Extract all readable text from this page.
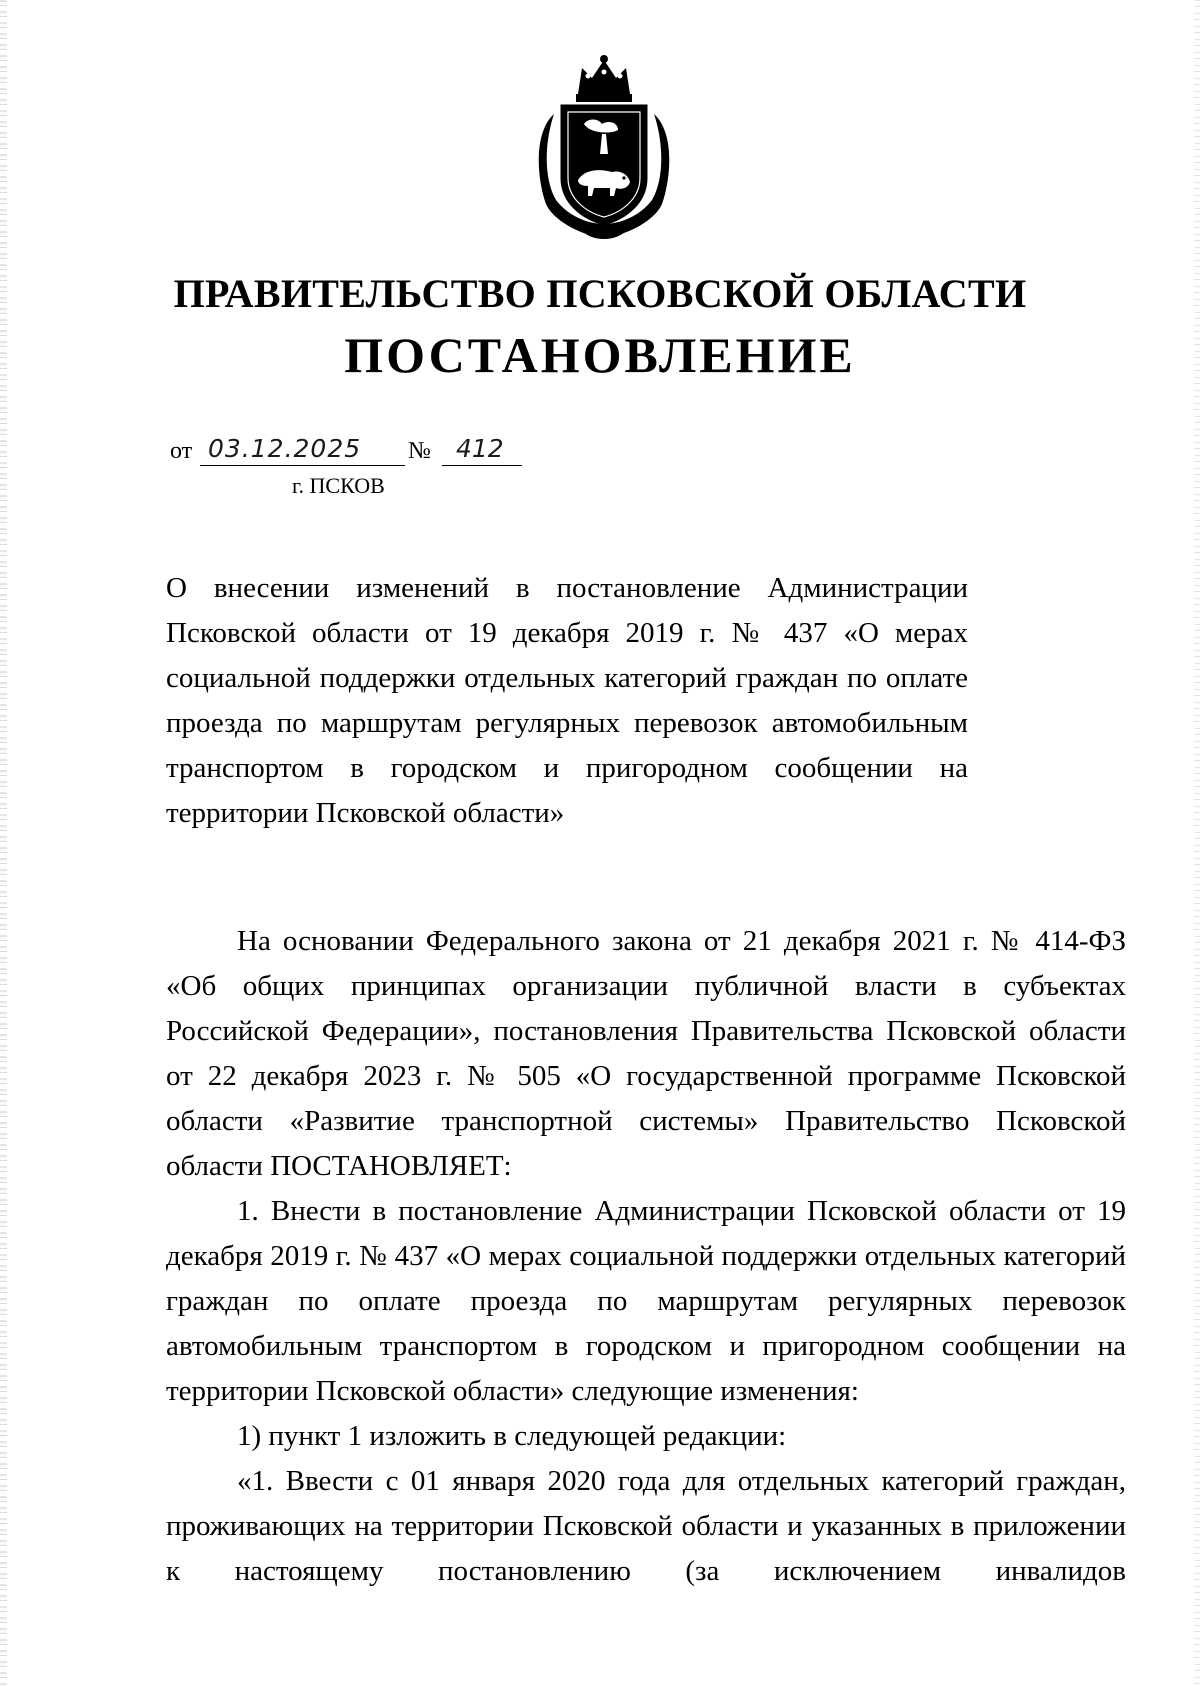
ПРАВИТЕЛЬСТВО ПСКОВСКОЙ ОБЛАСТИ
ПОСТАНОВЛЕНИЕ
от 03.12.2025	№	412
г. ПСКОВ

О внесении изменений в постановление Администрации Псковской области от 19 декабря 2019 г. № 437 «О мерах социальной поддержки отдельных категорий граждан по оплате проезда по маршрутам регулярных перевозок автомобильным транспортом в городском и пригородном сообщении на территории Псковской области»

На основании Федерального закона от 21 декабря 2021 г. № 414-ФЗ «Об общих принципах организации публичной власти в субъектах Российской Федерации», постановления Правительства Псковской области от 22 декабря 2023 г. № 505 «О государственной программе Псковской области «Развитие транспортной системы» Правительство Псковской области ПОСТАНОВЛЯЕТ:

1. Внести в постановление Администрации Псковской области от 19 декабря 2019 г. № 437 «О мерах социальной поддержки отдельных категорий граждан по оплате проезда по маршрутам регулярных перевозок автомобильным транспортом в городском и пригородном сообщении на территории Псковской области» следующие изменения:

1) пункт 1 изложить в следующей редакции:

«1. Ввести с 01 января 2020 года для отдельных категорий граждан, проживающих на территории Псковской области и указанных в приложении к настоящему постановлению (за исключением инвалидов
